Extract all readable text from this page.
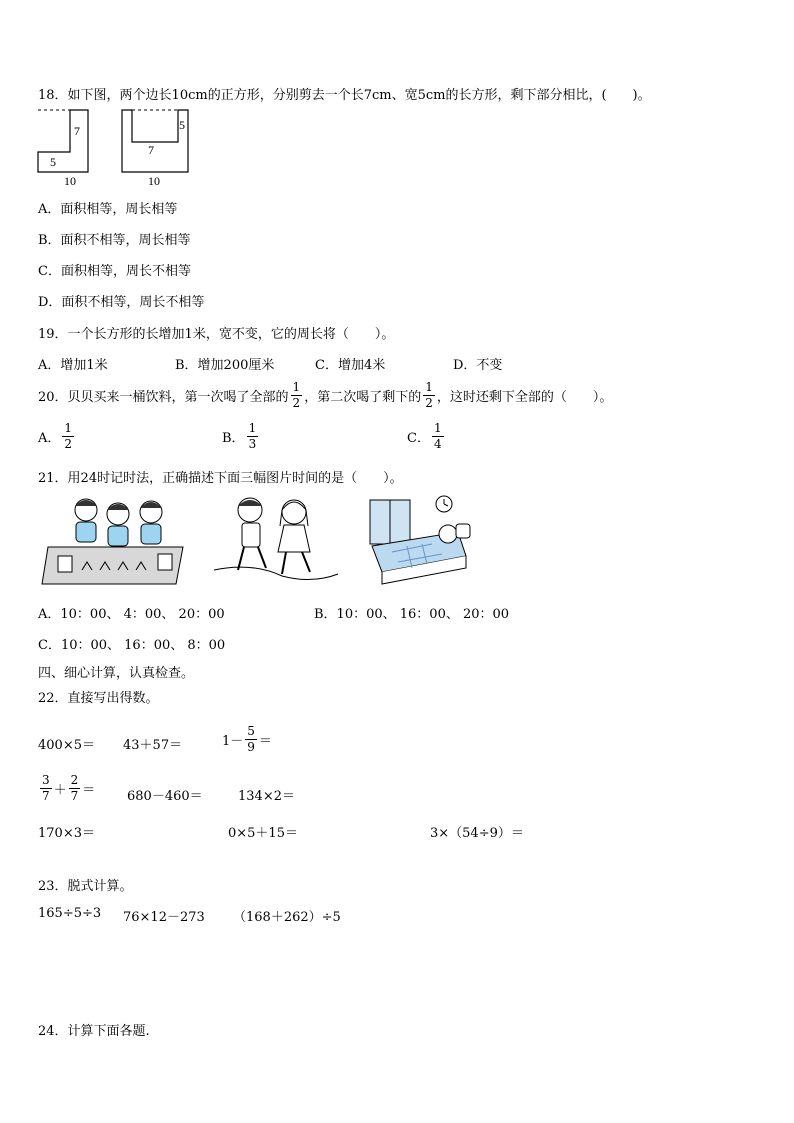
18．如下图，两个边长10cm的正方形，分别剪去一个长7cm、宽5cm的长方形，剩下部分相比，(　　)。
7
5
10
5
7
10
A．面积相等，周长相等
B．面积不相等，周长相等
C．面积相等，周长不相等
D．面积不相等，周长不相等
19．一个长方形的长增加1米，宽不变，它的周长将（　　）。
A．增加1米	B．增加200厘米	C．增加4米	D．不变
20．贝贝买来一桶饮料，第一次喝了全部的 $\frac{1}{2}$ ，第二次喝了剩下的 $\frac{1}{2}$ ，这时还剩下全部的（　　）。
A． $\frac{1}{2}$	B． $\frac{1}{3}$	C． $\frac{1}{4}$
21．用24时记时法，正确描述下面三幅图片时间的是（　　）。
A．10：00、 4：00、 20：00	B．10：00、 16：00、 20：00
C．10：00、 16：00、 8：00
四、细心计算，认真检查。
22．直接写出得数。
400×5＝ 43＋57＝	$1- \frac{5}{9}$ ＝
$\frac{3}{7} + \frac{2}{7} = 680-460=$	134×2＝
170×3＝	0×5＋15＝	3×（54÷9）＝
23．脱式计算。
165÷5÷3 76×12－273 （168＋262）÷5
24．计算下面各题.
